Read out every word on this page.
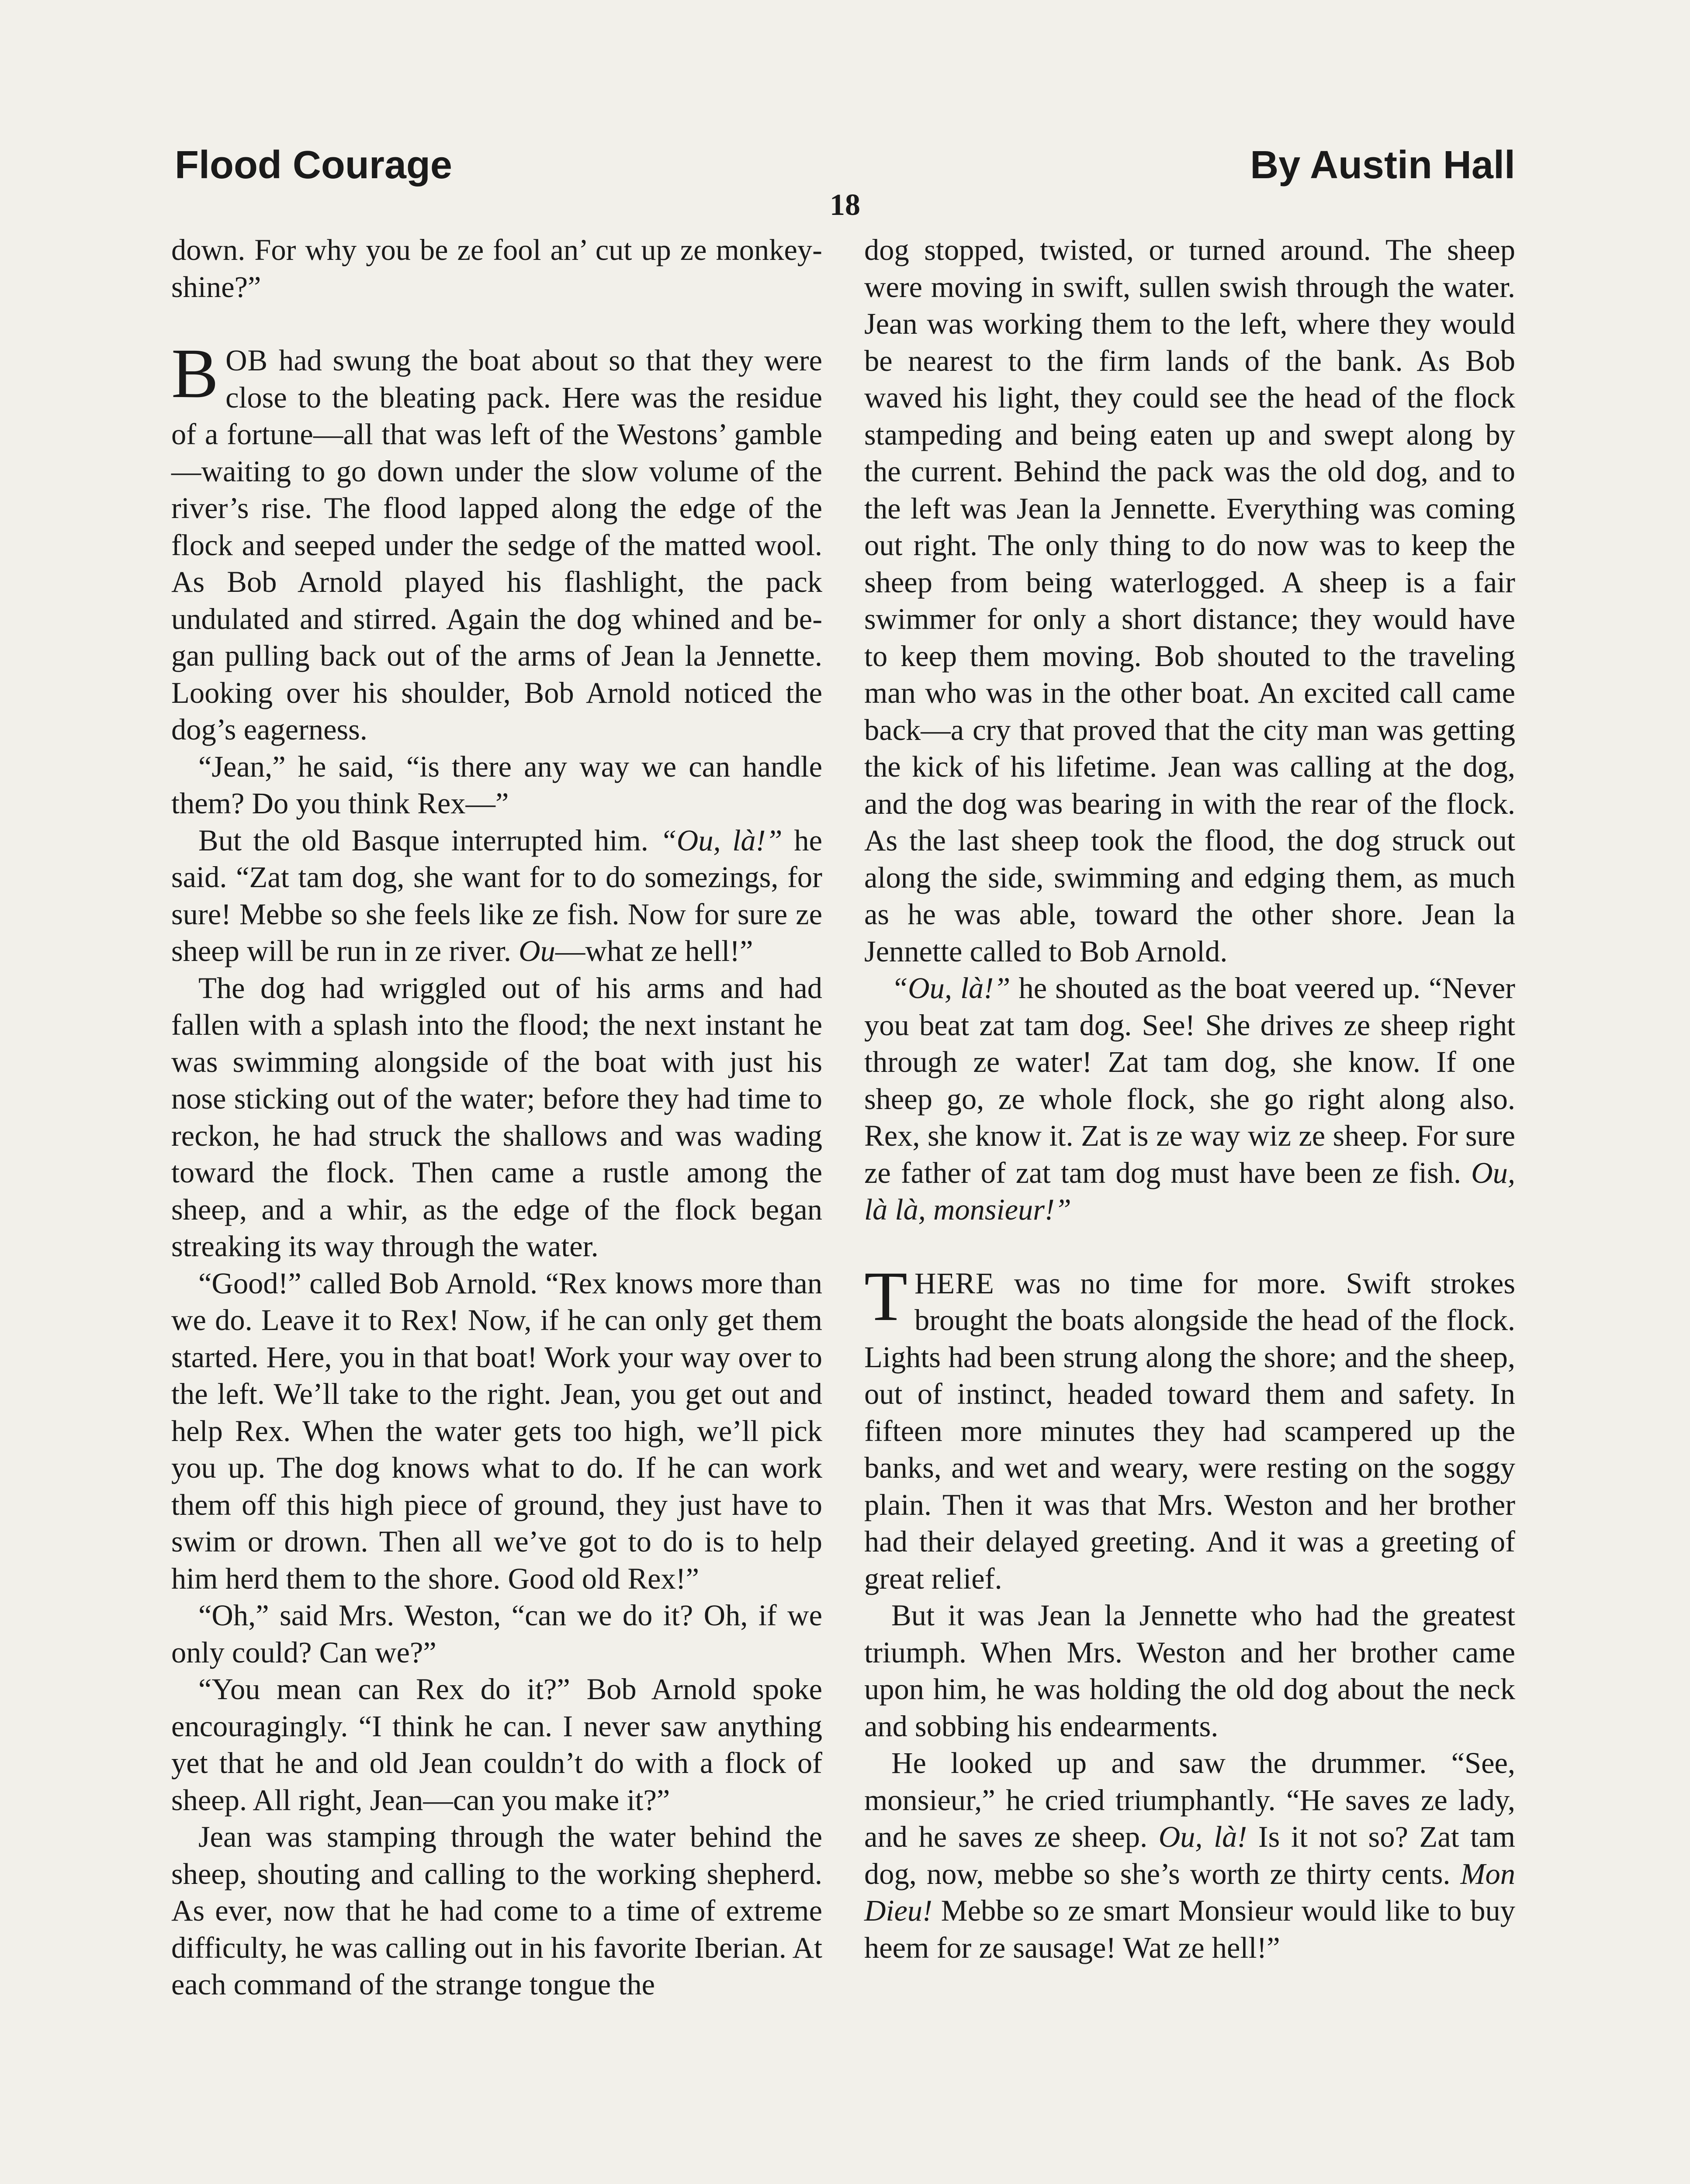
Flood Courage	By Austin Hall
18

down. For why you be ze fool an’ cut up ze monkey-shine?”

BOB had swung the boat about so that they were close to the bleating pack. Here was the residue of a fortune—all that was left of the Westons’ gamble—waiting to go down under the slow volume of the river’s rise. The flood lapped along the edge of the flock and seeped under the sedge of the matted wool. As Bob Arnold played his flashlight, the pack undulated and stirred. Again the dog whined and began pulling back out of the arms of Jean la Jennette. Looking over his shoulder, Bob Arnold noticed the dog’s eagerness.

“Jean,” he said, “is there any way we can handle them? Do you think Rex—”

But the old Basque interrupted him. “Ou, là!” he said. “Zat tam dog, she want for to do somezings, for sure! Mebbe so she feels like ze fish. Now for sure ze sheep will be run in ze river. Ou—what ze hell!”

The dog had wriggled out of his arms and had fallen with a splash into the flood; the next instant he was swimming alongside of the boat with just his nose sticking out of the water; before they had time to reckon, he had struck the shallows and was wading toward the flock. Then came a rustle among the sheep, and a whir, as the edge of the flock began streaking its way through the water.

“Good!” called Bob Arnold. “Rex knows more than we do. Leave it to Rex! Now, if he can only get them started. Here, you in that boat! Work your way over to the left. We’ll take to the right. Jean, you get out and help Rex. When the water gets too high, we’ll pick you up. The dog knows what to do. If he can work them off this high piece of ground, they just have to swim or drown. Then all we’ve got to do is to help him herd them to the shore. Good old Rex!”

“Oh,” said Mrs. Weston, “can we do it? Oh, if we only could? Can we?”

“You mean can Rex do it?” Bob Arnold spoke encouragingly. “I think he can. I never saw anything yet that he and old Jean couldn’t do with a flock of sheep. All right, Jean—can you make it?”

Jean was stamping through the water behind the sheep, shouting and calling to the working shepherd. As ever, now that he had come to a time of extreme difficulty, he was calling out in his favorite Iberian. At each command of the strange tongue the

dog stopped, twisted, or turned around. The sheep were moving in swift, sullen swish through the water. Jean was working them to the left, where they would be nearest to the firm lands of the bank. As Bob waved his light, they could see the head of the flock stampeding and being eaten up and swept along by the current. Behind the pack was the old dog, and to the left was Jean la Jennette. Everything was coming out right. The only thing to do now was to keep the sheep from being waterlogged. A sheep is a fair swimmer for only a short distance; they would have to keep them moving. Bob shouted to the traveling man who was in the other boat. An excited call came back—a cry that proved that the city man was getting the kick of his lifetime. Jean was calling at the dog, and the dog was bearing in with the rear of the flock. As the last sheep took the flood, the dog struck out along the side, swimming and edging them, as much as he was able, toward the other shore. Jean la Jennette called to Bob Arnold.

“Ou, là!” he shouted as the boat veered up. “Never you beat zat tam dog. See! She drives ze sheep right through ze water! Zat tam dog, she know. If one sheep go, ze whole flock, she go right along also. Rex, she know it. Zat is ze way wiz ze sheep. For sure ze father of zat tam dog must have been ze fish. Ou, là là, monsieur!”

THERE was no time for more. Swift strokes brought the boats alongside the head of the flock. Lights had been strung along the shore; and the sheep, out of instinct, headed toward them and safety. In fifteen more minutes they had scampered up the banks, and wet and weary, were resting on the soggy plain. Then it was that Mrs. Weston and her brother had their delayed greeting. And it was a greeting of great relief.

But it was Jean la Jennette who had the greatest triumph. When Mrs. Weston and her brother came upon him, he was holding the old dog about the neck and sobbing his endearments.

He looked up and saw the drummer. “See, monsieur,” he cried triumphantly. “He saves ze lady, and he saves ze sheep. Ou, là! Is it not so? Zat tam dog, now, mebbe so she’s worth ze thirty cents. Mon Dieu! Mebbe so ze smart Monsieur would like to buy heem for ze sausage! Wat ze hell!”
